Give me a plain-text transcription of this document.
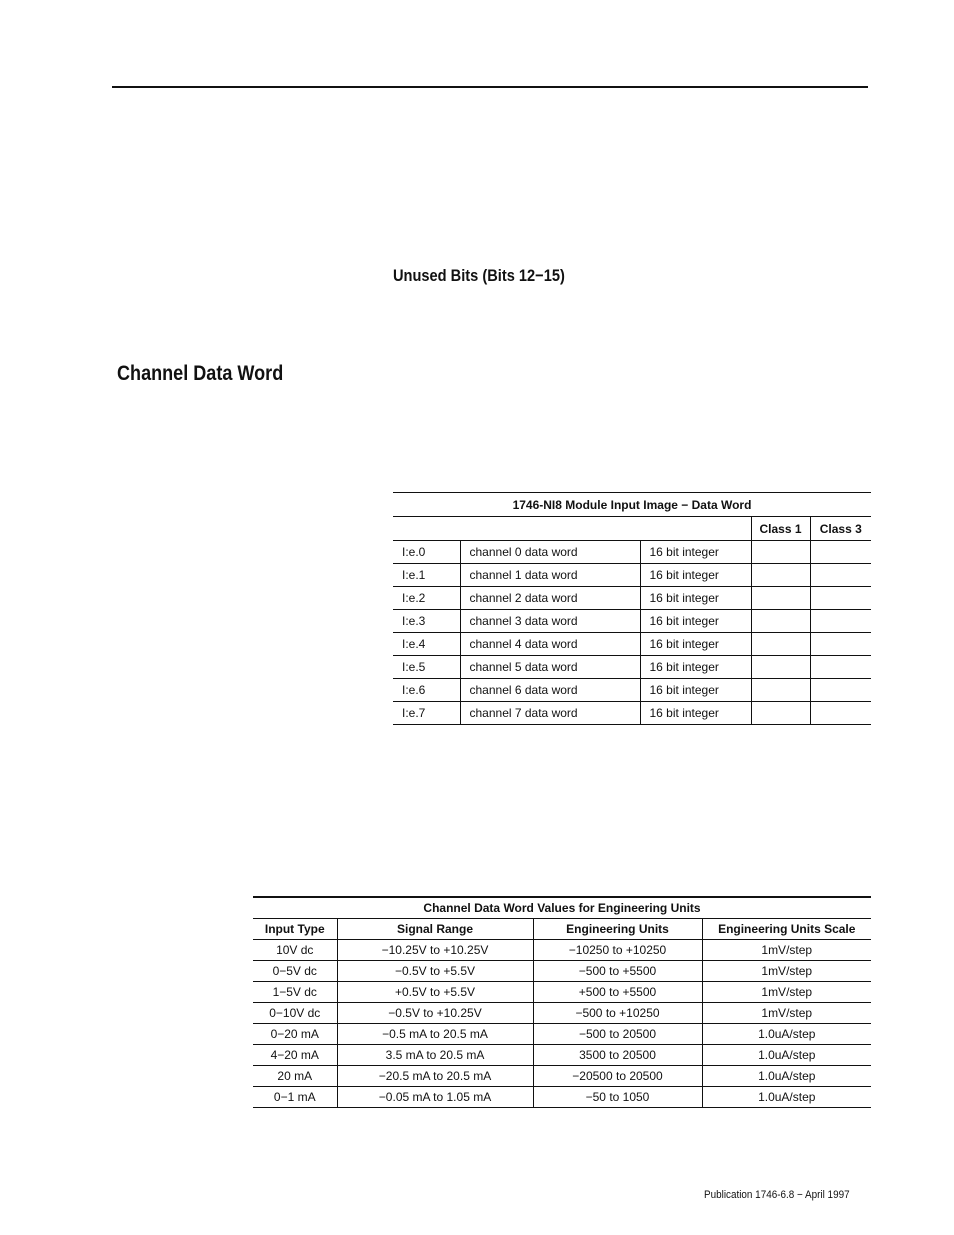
Unused Bits (Bits 12−15)
Channel Data Word
1746-NI8 Module Input Image − Data Word				
			Class 1	Class 3
I:e.0	channel 0 data word	16 bit integer		
I:e.1	channel 1 data word	16 bit integer		
I:e.2	channel 2 data word	16 bit integer		
I:e.3	channel 3 data word	16 bit integer		
I:e.4	channel 4 data word	16 bit integer		
I:e.5	channel 5 data word	16 bit integer		
I:e.6	channel 6 data word	16 bit integer		
I:e.7	channel 7 data word	16 bit integer		
Channel Data Word Values for Engineering Units			
Input Type	Signal Range	Engineering Units	Engineering Units Scale
10V dc	−10.25V to +10.25V	−10250 to +10250	1mV/step
0−5V dc	−0.5V to +5.5V	−500 to +5500	1mV/step
1−5V dc	+0.5V to +5.5V	+500 to +5500	1mV/step
0−10V dc	−0.5V to +10.25V	−500 to +10250	1mV/step
0−20 mA	−0.5 mA to 20.5 mA	−500 to 20500	1.0uA/step
4−20 mA	3.5 mA to 20.5 mA	3500 to 20500	1.0uA/step
20 mA	−20.5 mA to 20.5 mA	−20500 to 20500	1.0uA/step
0−1 mA	−0.05 mA to 1.05 mA	−50 to 1050	1.0uA/step
Publication 1746-6.8 − April 1997
